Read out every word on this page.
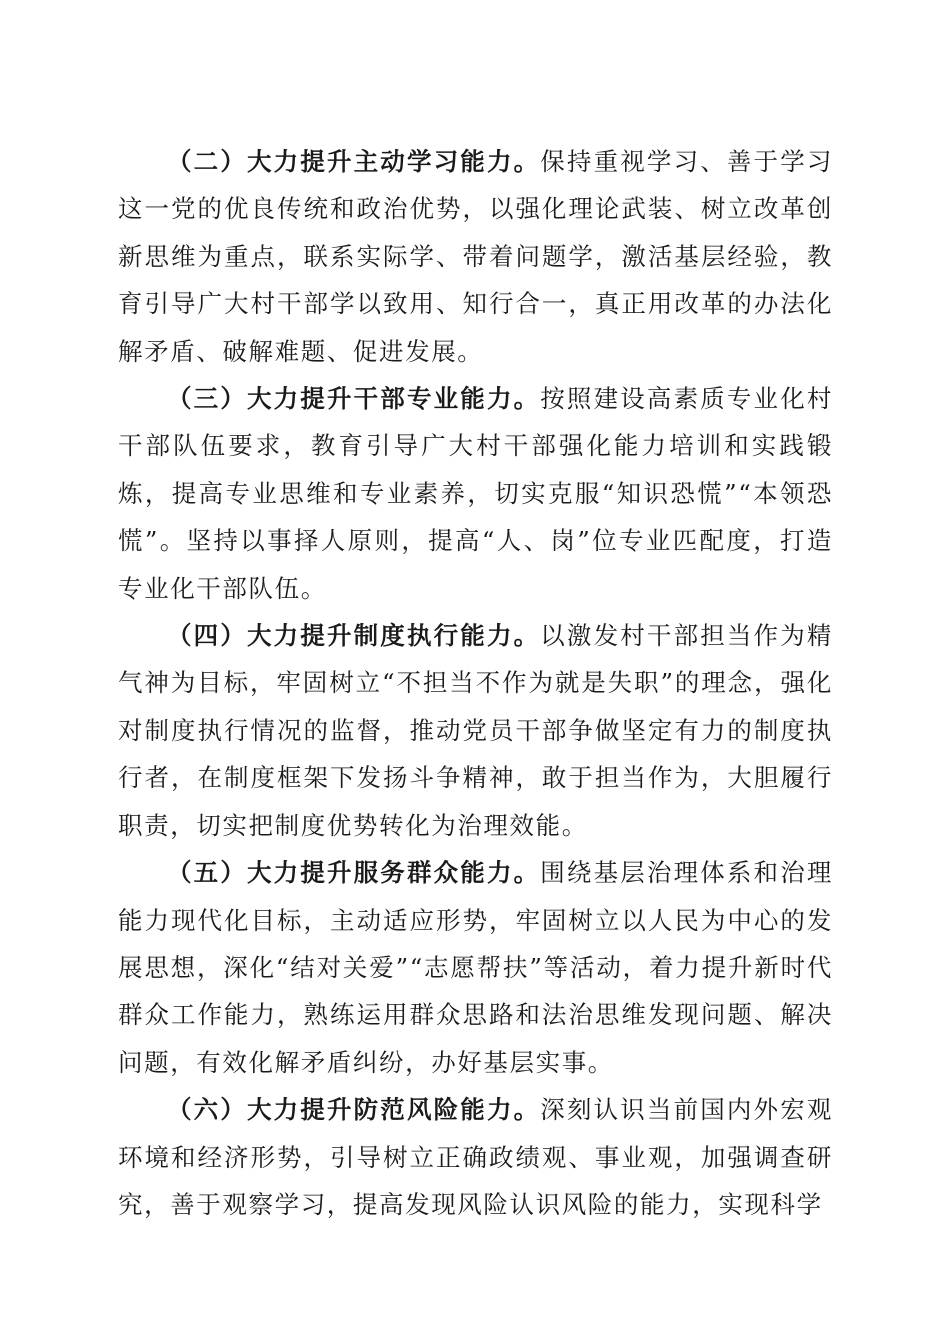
（二）大力提升主动学习能力。保持重视学习、善于学习这一党的优良传统和政治优势，以强化理论武装、树立改革创新思维为重点，联系实际学、带着问题学，激活基层经验，教育引导广大村干部学以致用、知行合一，真正用改革的办法化解矛盾、破解难题、促进发展。

（三）大力提升干部专业能力。按照建设高素质专业化村干部队伍要求，教育引导广大村干部强化能力培训和实践锻炼，提高专业思维和专业素养，切实克服“知识恐慌”“本领恐慌”。坚持以事择人原则，提高“人、岗”位专业匹配度，打造专业化干部队伍。

（四）大力提升制度执行能力。以激发村干部担当作为精气神为目标，牢固树立“不担当不作为就是失职”的理念，强化对制度执行情况的监督，推动党员干部争做坚定有力的制度执行者，在制度框架下发扬斗争精神，敢于担当作为，大胆履行职责，切实把制度优势转化为治理效能。

（五）大力提升服务群众能力。围绕基层治理体系和治理能力现代化目标，主动适应形势，牢固树立以人民为中心的发展思想，深化“结对关爱”“志愿帮扶”等活动，着力提升新时代群众工作能力，熟练运用群众思路和法治思维发现问题、解决问题，有效化解矛盾纠纷，办好基层实事。

（六）大力提升防范风险能力。深刻认识当前国内外宏观环境和经济形势，引导树立正确政绩观、事业观，加强调查研究，善于观察学习，提高发现风险认识风险的能力，实现科学
